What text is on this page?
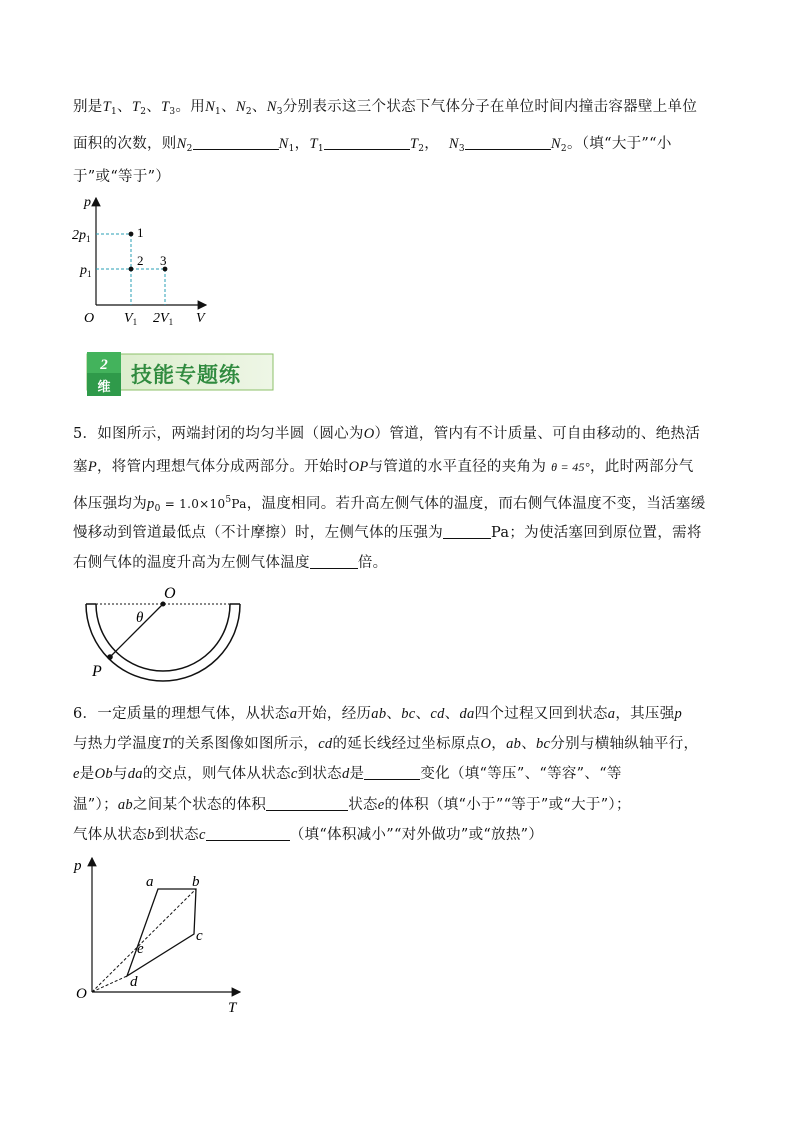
别是$T_1$、$T_2$、$T_3$。用$N_1$、$N_2$、$N_3$分别表示这三个状态下气体分子在单位时间内撞击容器壁上单位
面积的次数，则$N_2$	$N_1$，$T_1$	$T_2$， $N_3$	$N_2$。（填“大于”“小
于”或“等于”）
p
V
O
$2p_1$
$p_1$
$V_1$ $2V_1$
1
2 3
2
维 技能专题练
5．如图所示，两端封闭的均匀半圆（圆心为O）管道，管内有不计质量、可自由移动的、绝热活
塞P，将管内理想气体分成两部分。开始时OP与管道的水平直径的夹角为 θ = 45°，此时两部分气
体压强均为$p_0 = 1.0\times 10^5Pa$，温度相同。若升高左侧气体的温度，而右侧气体温度不变，当活塞缓
慢移动到管道最低点（不计摩擦）时，左侧气体的压强为	Pa；为使活塞回到原位置，需将
右侧气体的温度升高为左侧气体温度	倍。
O
θ
P
6．一定质量的理想气体，从状态a开始，经历ab、bc、cd、da四个过程又回到状态a，其压强p
与热力学温度T的关系图像如图所示，cd的延长线经过坐标原点O，ab、bc分别与横轴纵轴平行，
e是Ob与da的交点，则气体从状态c到状态d是	变化（填“等压”、“等容”、“等
温”）；ab之间某个状态的体积	状态e的体积（填“小于”“等于”或“大于”）；
气体从状态b到状态c	（填“体积减小”“对外做功”或“放热”）
p
T
O
a	b
c
d
e
